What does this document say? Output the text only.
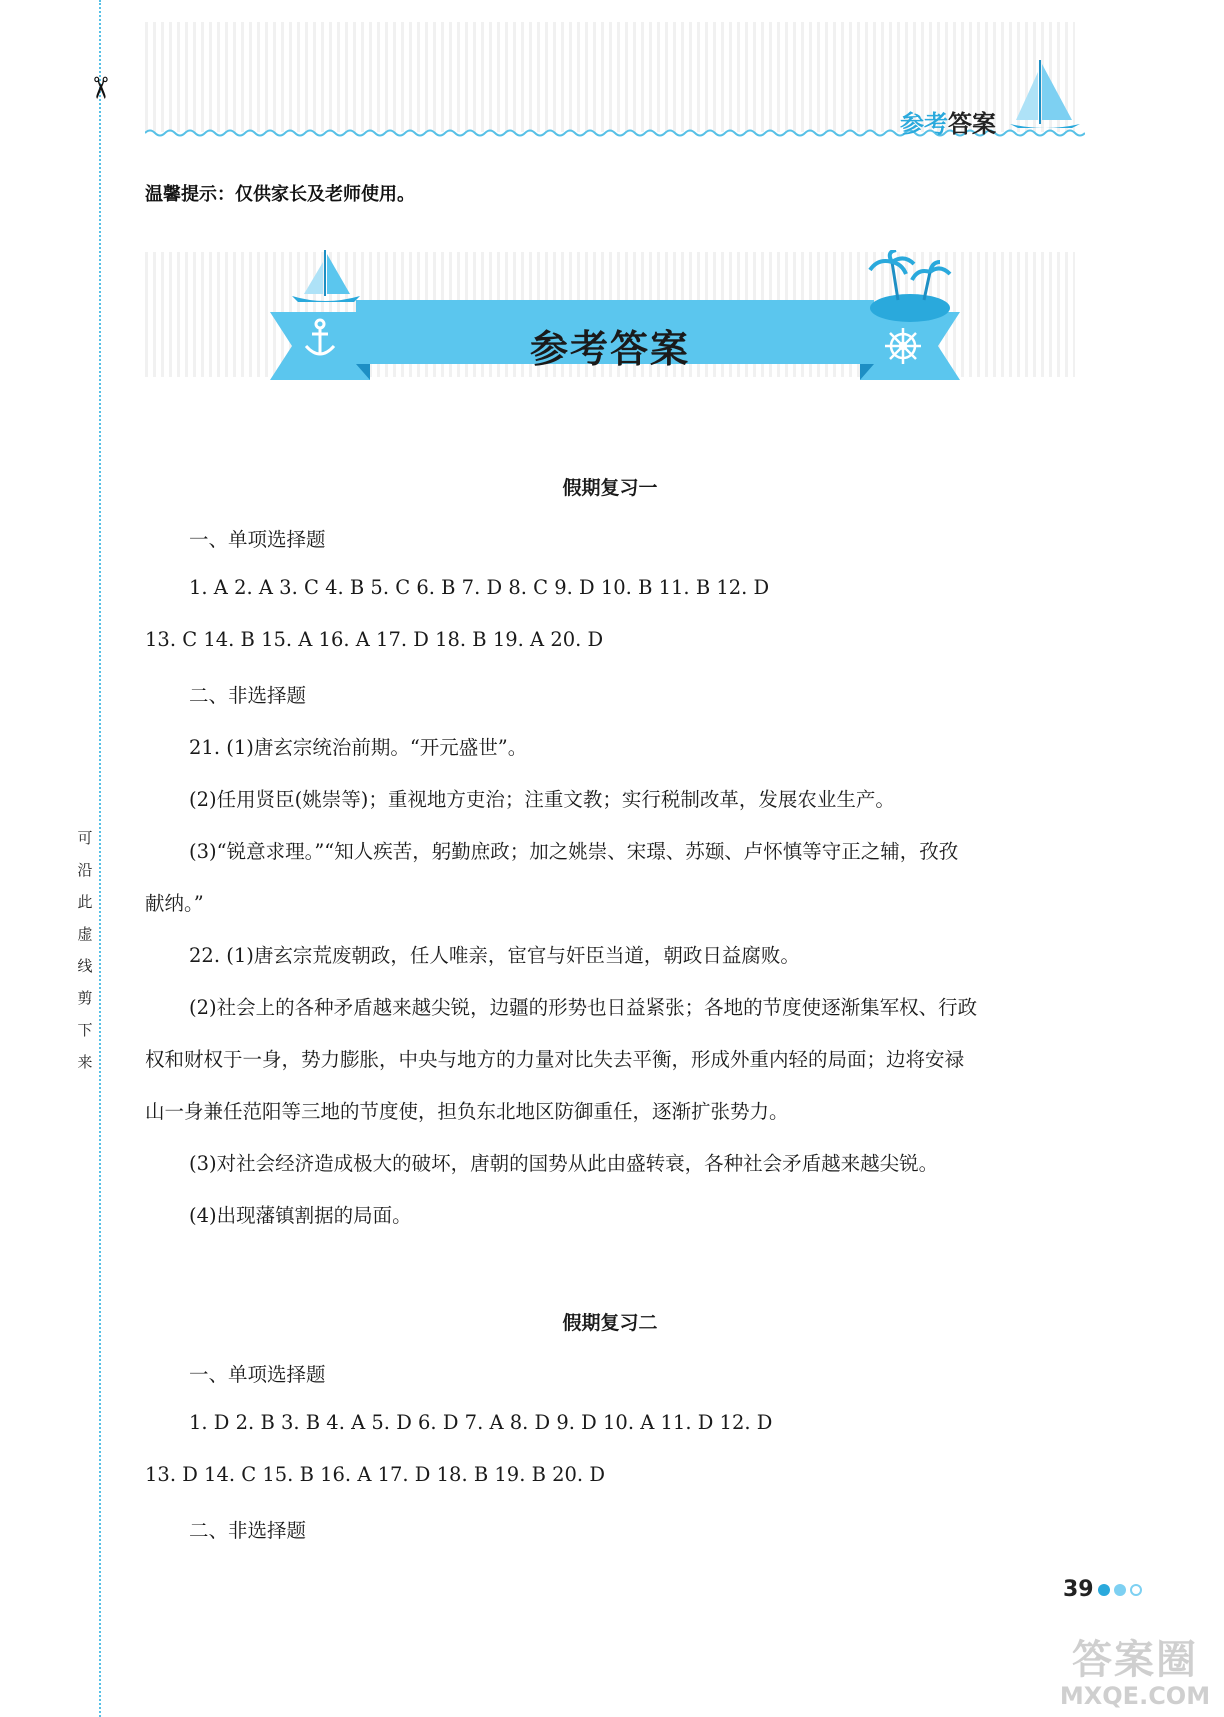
✂
可沿此虚线剪下来
参考答案
温馨提示：仅供家长及老师使用。
参考答案
假期复习一
一、单项选择题
1. A 2. A 3. C 4. B 5. C 6. B 7. D 8. C 9. D 10. B 11. B 12. D
13. C 14. B 15. A 16. A 17. D 18. B 19. A 20. D
二、非选择题
21. (1)唐玄宗统治前期。“开元盛世”。
(2)任用贤臣(姚崇等)；重视地方吏治；注重文教；实行税制改革，发展农业生产。
(3)“锐意求理。”“知人疾苦，躬勤庶政；加之姚崇、宋璟、苏颋、卢怀慎等守正之辅，孜孜
献纳。”
22. (1)唐玄宗荒废朝政，任人唯亲，宦官与奸臣当道，朝政日益腐败。
(2)社会上的各种矛盾越来越尖锐，边疆的形势也日益紧张；各地的节度使逐渐集军权、行政
权和财权于一身，势力膨胀，中央与地方的力量对比失去平衡，形成外重内轻的局面；边将安禄
山一身兼任范阳等三地的节度使，担负东北地区防御重任，逐渐扩张势力。
(3)对社会经济造成极大的破坏，唐朝的国势从此由盛转衰，各种社会矛盾越来越尖锐。
(4)出现藩镇割据的局面。
假期复习二
一、单项选择题
1. D 2. B 3. B 4. A 5. D 6. D 7. A 8. D 9. D 10. A 11. D 12. D
13. D 14. C 15. B 16. A 17. D 18. B 19. B 20. D
二、非选择题
39
答案圈
MXQE.COM
